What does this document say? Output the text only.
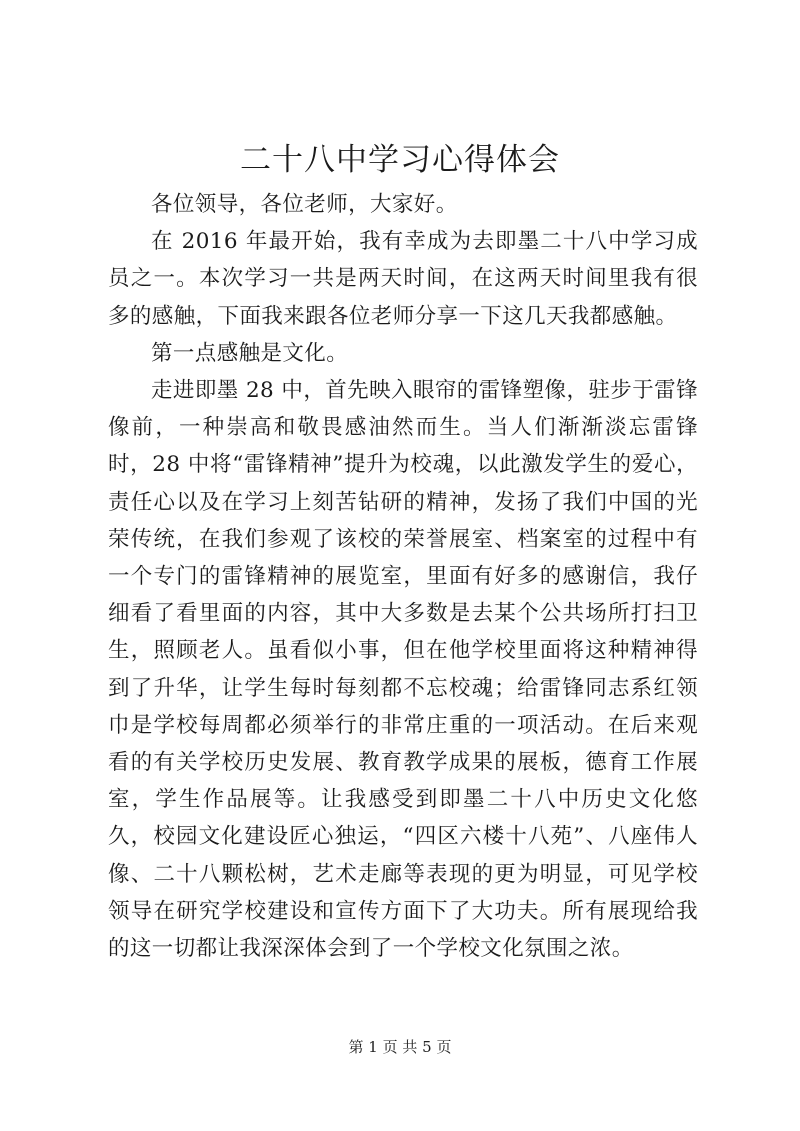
二十八中学习心得体会

各位领导，各位老师，大家好。

在 2016 年最开始，我有幸成为去即墨二十八中学习成员之一。本次学习一共是两天时间，在这两天时间里我有很多的感触，下面我来跟各位老师分享一下这几天我都感触。

第一点感触是文化。

走进即墨 28 中，首先映入眼帘的雷锋塑像，驻步于雷锋像前，一种崇高和敬畏感油然而生。当人们渐渐淡忘雷锋时，28 中将“雷锋精神”提升为校魂，以此激发学生的爱心，责任心以及在学习上刻苦钻研的精神，发扬了我们中国的光荣传统，在我们参观了该校的荣誉展室、档案室的过程中有一个专门的雷锋精神的展览室，里面有好多的感谢信，我仔细看了看里面的内容，其中大多数是去某个公共场所打扫卫生，照顾老人。虽看似小事，但在他学校里面将这种精神得到了升华，让学生每时每刻都不忘校魂；给雷锋同志系红领巾是学校每周都必须举行的非常庄重的一项活动。在后来观看的有关学校历史发展、教育教学成果的展板，德育工作展室，学生作品展等。让我感受到即墨二十八中历史文化悠久，校园文化建设匠心独运，“四区六楼十八苑”、八座伟人像、二十八颗松树，艺术走廊等表现的更为明显，可见学校领导在研究学校建设和宣传方面下了大功夫。所有展现给我的这一切都让我深深体会到了一个学校文化氛围之浓。

第 1 页 共 5 页
